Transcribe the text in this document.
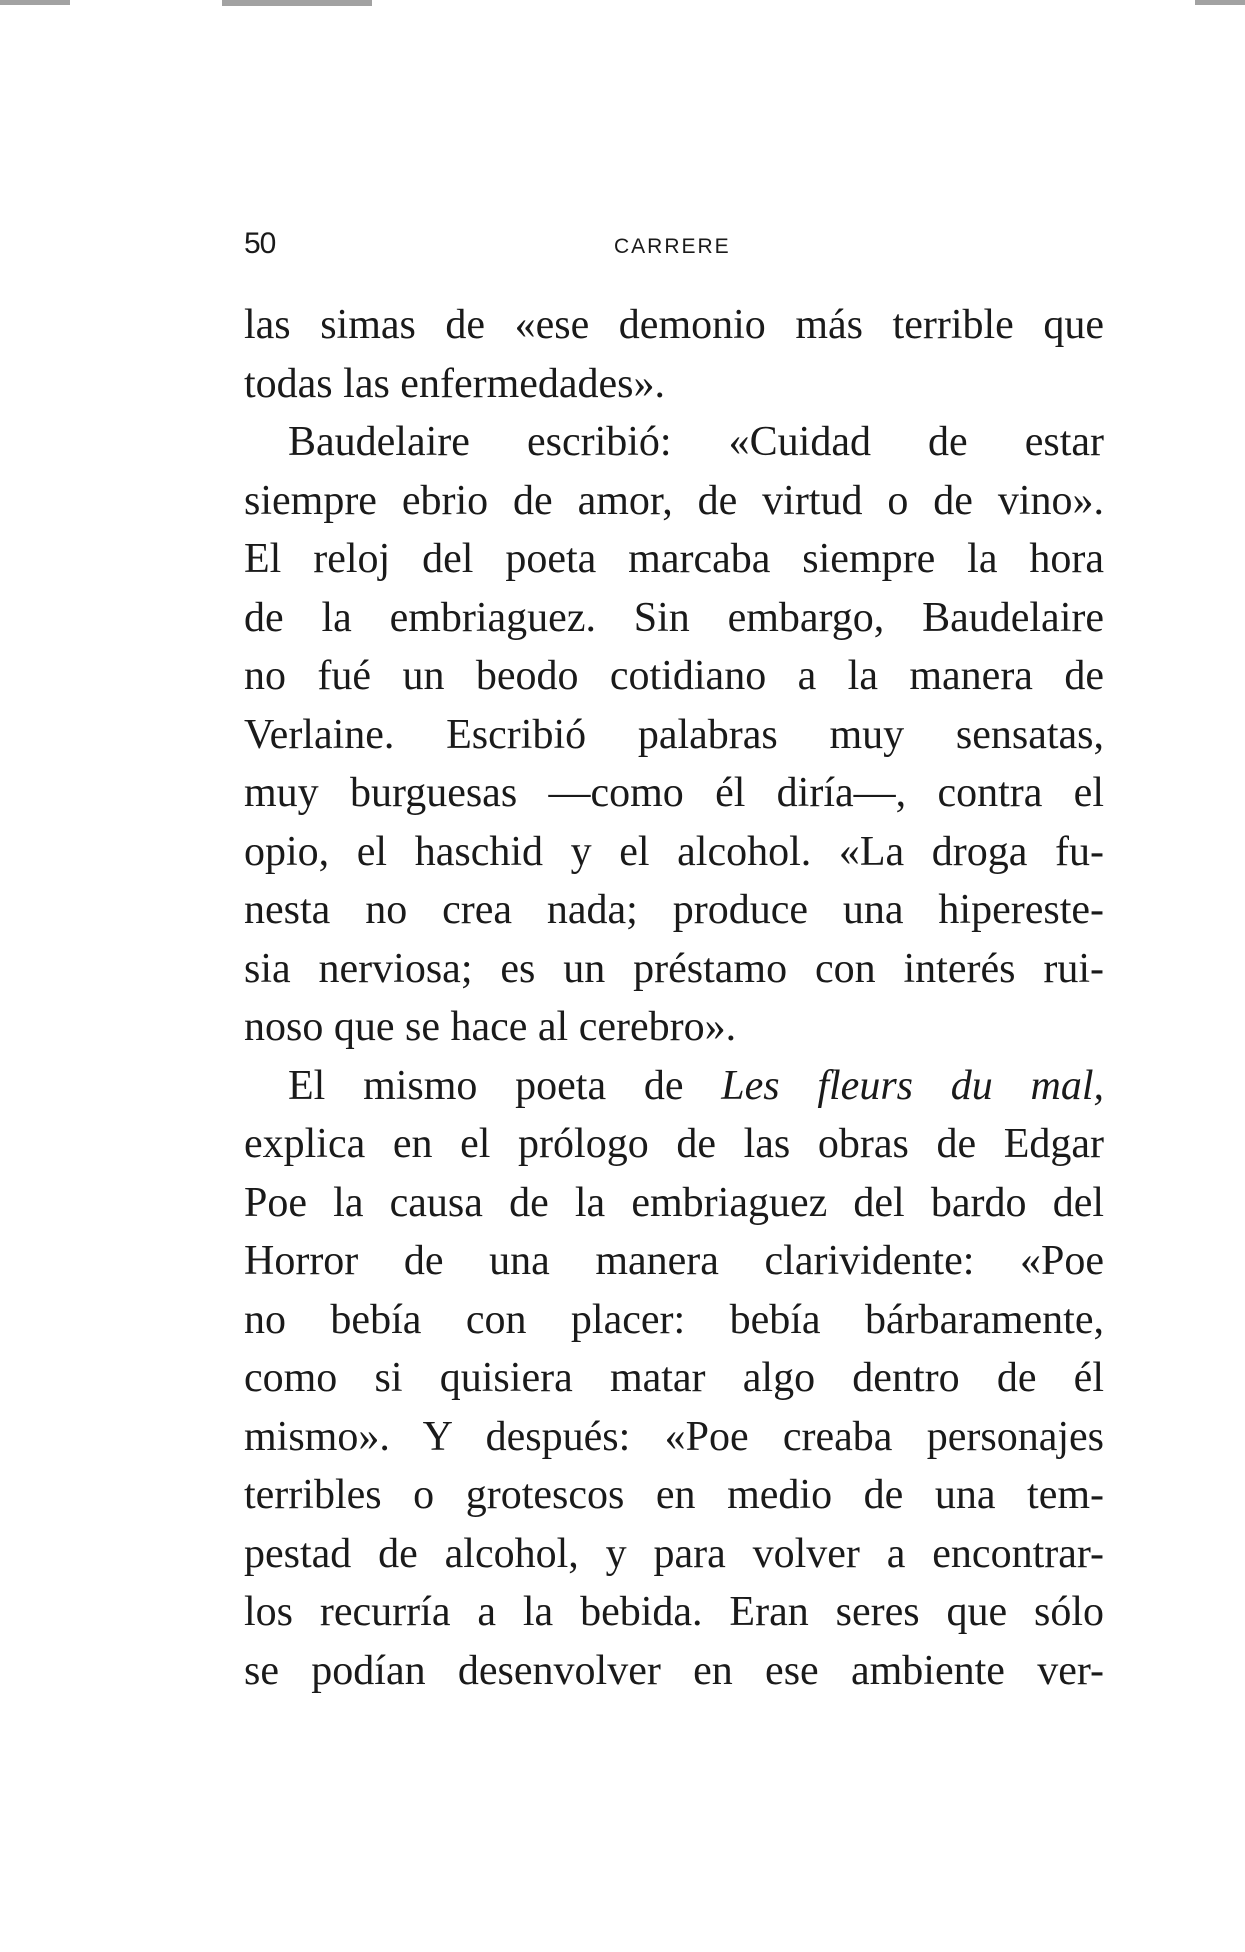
50	CARRERE
las simas de «ese demonio más terrible que
todas las enfermedades».
Baudelaire escribió: «Cuidad de estar
siempre ebrio de amor, de virtud o de vino».
El reloj del poeta marcaba siempre la hora
de la embriaguez. Sin embargo, Baudelaire
no fué un beodo cotidiano a la manera de
Verlaine. Escribió palabras muy sensatas,
muy burguesas —como él diría—, contra el
opio, el haschid y el alcohol. «La droga fu-
nesta no crea nada; produce una hipereste-
sia nerviosa; es un préstamo con interés rui-
noso que se hace al cerebro».
El mismo poeta de Les fleurs du mal,
explica en el prólogo de las obras de Edgar
Poe la causa de la embriaguez del bardo del
Horror de una manera clarividente: «Poe
no bebía con placer: bebía bárbaramente,
como si quisiera matar algo dentro de él
mismo». Y después: «Poe creaba personajes
terribles o grotescos en medio de una tem-
pestad de alcohol, y para volver a encontrar-
los recurría a la bebida. Eran seres que sólo
se podían desenvolver en ese ambiente ver-
